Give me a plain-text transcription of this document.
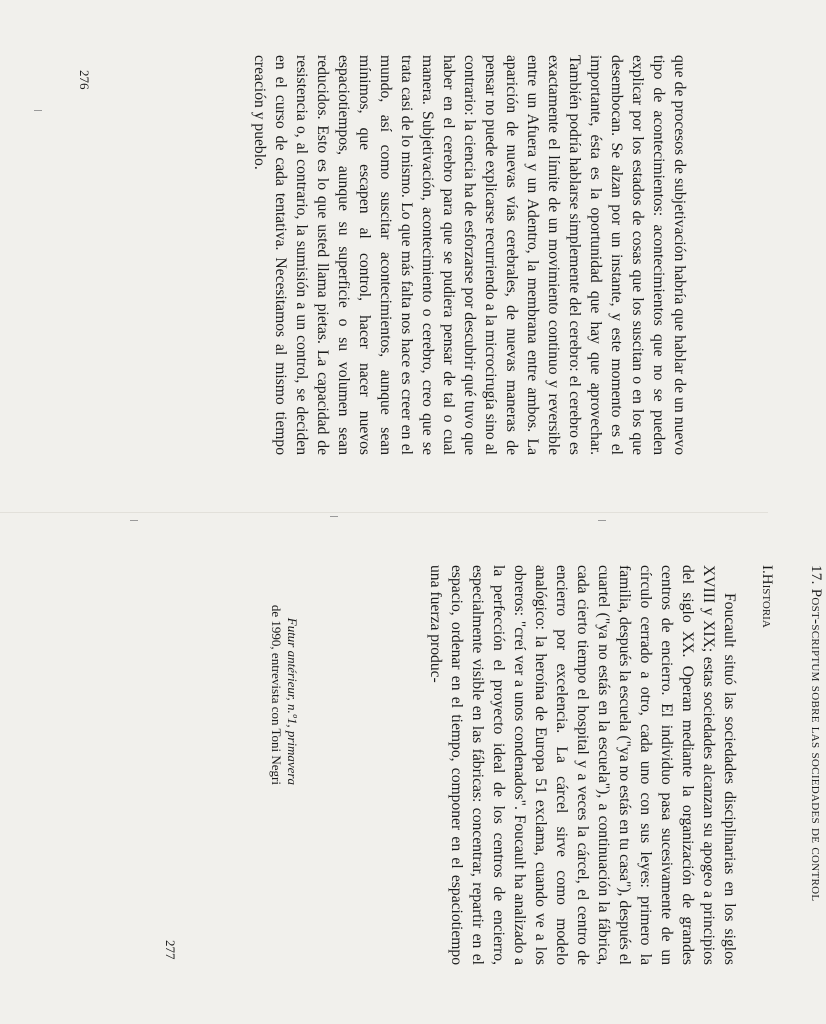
276	que de procesos de subjetivación habría que hablar de un nuevo tipo de acontecimientos: acontecimientos que no se pueden explicar por los estados de cosas que los suscitan o en los que desembocan. Se alzan por un instante, y este momento es el importante, ésta es la oportunidad que hay que aprovechar. También podría hablarse simplemente del cerebro: el cerebro es exactamente el límite de un movimiento continuo y reversible entre un Afuera y un Adentro, la membrana entre ambos. La aparición de nuevas vías cerebrales, de nuevas maneras de pensar no puede explicarse recurriendo a la microcirugía sino al contrario: la ciencia ha de esforzarse por descubrir qué tuvo que haber en el cerebro para que se pudiera pensar de tal o cual manera. Subjetivación, acontecimiento o cerebro, creo que se trata casi de lo mismo. Lo que más falta nos hace es creer en el mundo, así como suscitar acontecimientos, aunque sean mínimos, que escapen al control, hacer nacer nuevos espaciotiempos, aunque su superficie o su volumen sean reducidos. Esto es lo que usted llama pietas. La capacidad de resistencia o, al contrario, la sumisión a un control, se deciden en el curso de cada tentativa. Necesitamos al mismo tiempo creación y pueblo.

Futur antérieur, n.º1, primavera
de 1990, entrevista con Toni Negri	17. Post-scriptum sobre las sociedades de control
I.Historia

Foucault situó las sociedades disciplinarias en los siglos XVIII y XIX; estas sociedades alcanzan su apogeo a principios del siglo XX. Operan mediante la organización de grandes centros de encierro. El individuo pasa sucesivamente de un círculo cerrado a otro, cada uno con sus leyes: primero la familia, después la escuela ("ya no estás en tu casa"), después el cuartel ("ya no estás en la escuela"), a continuación la fábrica, cada cierto tiempo el hospital y a veces la cárcel, el centro de encierro por excelencia. La cárcel sirve como modelo analógico: la heroína de Europa 51 exclama, cuando ve a los obreros: "creí ver a unos condenados". Foucault ha analizado a la perfección el proyecto ideal de los centros de encierro, especialmente visible en las fábricas: concentrar, repartir en el espacio, ordenar en el tiempo, componer en el espaciotiempo una fuerza produc-

277
